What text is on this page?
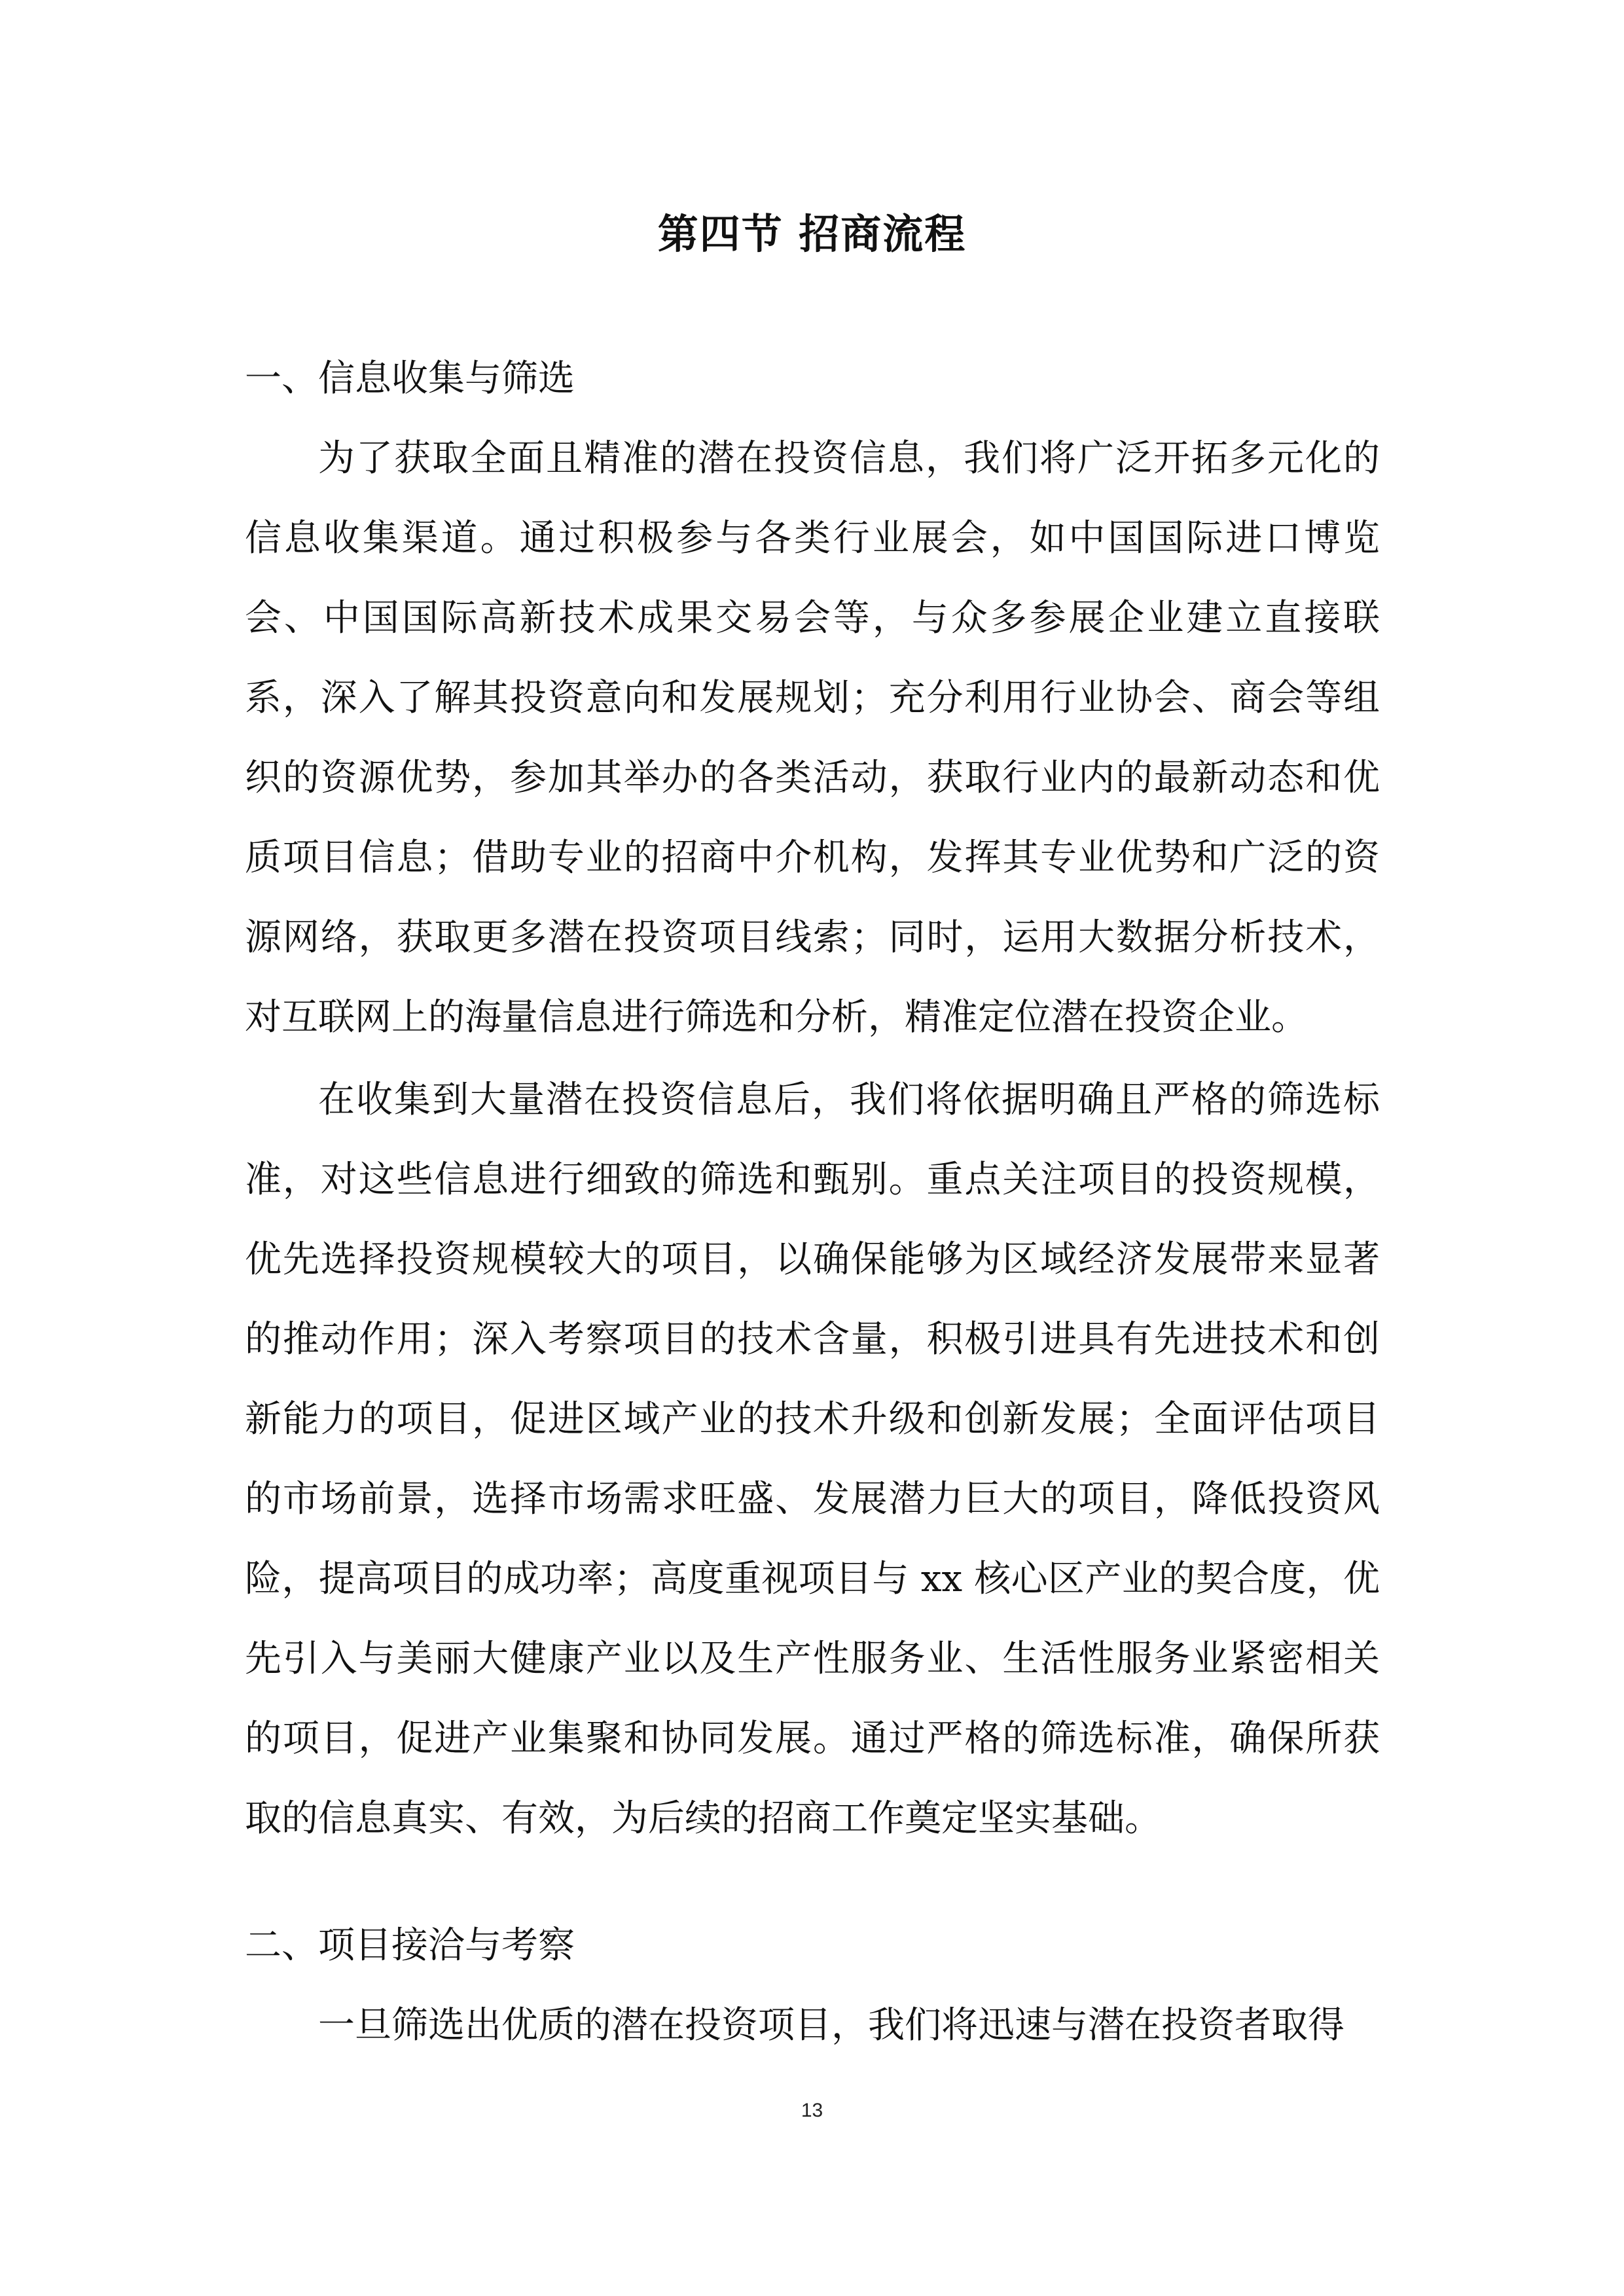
第四节 招商流程

一、信息收集与筛选

为了获取全面且精准的潜在投资信息，我们将广泛开拓多元化的信息收集渠道。通过积极参与各类行业展会，如中国国际进口博览会、中国国际高新技术成果交易会等，与众多参展企业建立直接联系，深入了解其投资意向和发展规划；充分利用行业协会、商会等组织的资源优势，参加其举办的各类活动，获取行业内的最新动态和优质项目信息；借助专业的招商中介机构，发挥其专业优势和广泛的资源网络，获取更多潜在投资项目线索；同时，运用大数据分析技术，对互联网上的海量信息进行筛选和分析，精准定位潜在投资企业。

在收集到大量潜在投资信息后，我们将依据明确且严格的筛选标准，对这些信息进行细致的筛选和甄别。重点关注项目的投资规模，优先选择投资规模较大的项目，以确保能够为区域经济发展带来显著的推动作用；深入考察项目的技术含量，积极引进具有先进技术和创新能力的项目，促进区域产业的技术升级和创新发展；全面评估项目的市场前景，选择市场需求旺盛、发展潜力巨大的项目，降低投资风险，提高项目的成功率；高度重视项目与 xx 核心区产业的契合度，优先引入与美丽大健康产业以及生产性服务业、生活性服务业紧密相关的项目，促进产业集聚和协同发展。通过严格的筛选标准，确保所获取的信息真实、有效，为后续的招商工作奠定坚实基础。

二、项目接洽与考察

一旦筛选出优质的潜在投资项目，我们将迅速与潜在投资者取得

13
